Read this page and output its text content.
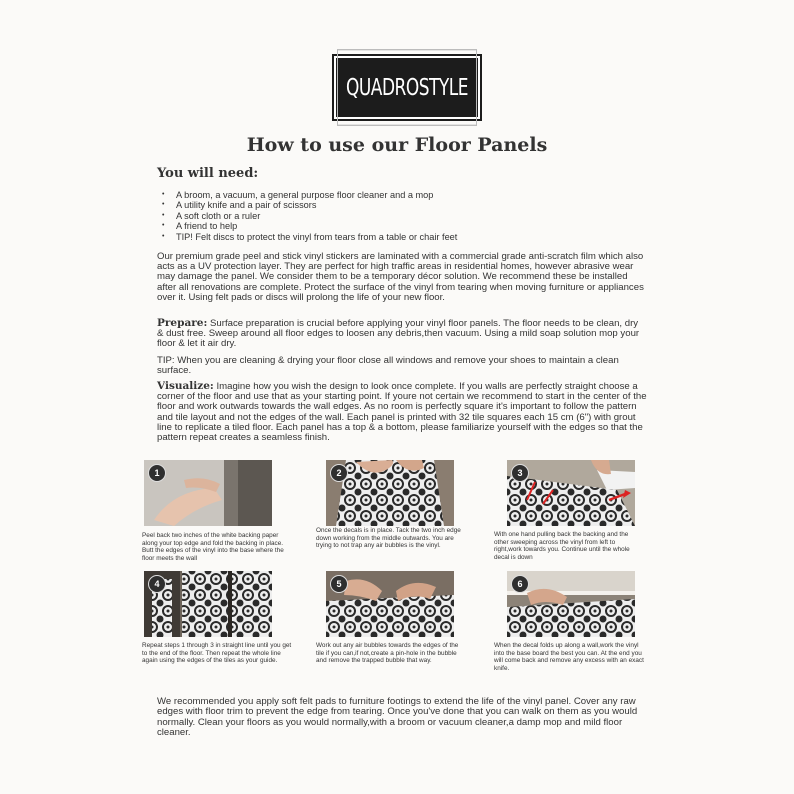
QUADROSTYLE
How to use our Floor Panels
You will need:
• A broom, a vacuum, a general purpose floor cleaner and a mop
• A utility knife and a pair of scissors
• A soft cloth or a ruler
• A friend to help
• TIP! Felt discs to protect the vinyl from tears from a table or chair feet
Our premium grade peel and stick vinyl stickers are laminated with a commercial grade anti-scratch film which also acts as a UV protection layer. They are perfect for high traffic areas in residential homes, however abrasive wear may damage the panel. We consider them to be a temporary décor solution. We recommend these be installed after all renovations are complete. Protect the surface of the vinyl from tearing when moving furniture or appliances over it. Using felt pads or discs will prolong the life of your new floor.
Prepare: Surface preparation is crucial before applying your vinyl floor panels. The floor needs to be clean, dry & dust free. Sweep around all floor edges to loosen any debris,then vacuum. Using a mild soap solution mop your floor & let it air dry.
TIP: When you are cleaning & drying your floor close all windows and remove your shoes to maintain a clean surface.
Visualize: Imagine how you wish the design to look once complete. If you walls are perfectly straight choose a corner of the floor and use that as your starting point. If youre not certain we recommend to start in the center of the floor and work outwards towards the wall edges. As no room is perfectly square it's important to follow the pattern and tile layout and not the edges of the wall. Each panel is printed with 32 tile squares each 15 cm (6") with grout line to replicate a tiled floor. Each panel has a top & a bottom, please familiarize yourself with the edges so that the pattern repeat creates a seamless finish.
1
Peel back two inches of the white backing paper along your top edge and fold the backing in place. Butt the edges of the vinyl into the base where the floor meets the wall
2
Once the decals is in place. Tack the two inch edge down working from the middle outwards. You are trying to not trap any air bubbles is the vinyl.
3
With one hand pulling back the backing and the other sweeping across the vinyl from left to right,work towards you. Continue until the whole decal is down
4
Repeat steps 1 through 3 in straight line until you get to the end of the floor. Then repeat the whole line again using the edges of the tiles as your guide.
5
Work out any air bubbles towards the edges of the tile if you can,if not,create a pin-hole in the bubble and remove the trapped bubble that way.
6
When the decal folds up along a wall,work the vinyl into the base board the best you can. At the end you will come back and remove any excess with an exact knife.
We recommended you apply soft felt pads to furniture footings to extend the life of the vinyl panel. Cover any raw edges with floor trim to prevent the edge from tearing. Once you've done that you can walk on them as you would normally. Clean your floors as you would normally,with a broom or vacuum cleaner,a damp mop and mild floor cleaner.
